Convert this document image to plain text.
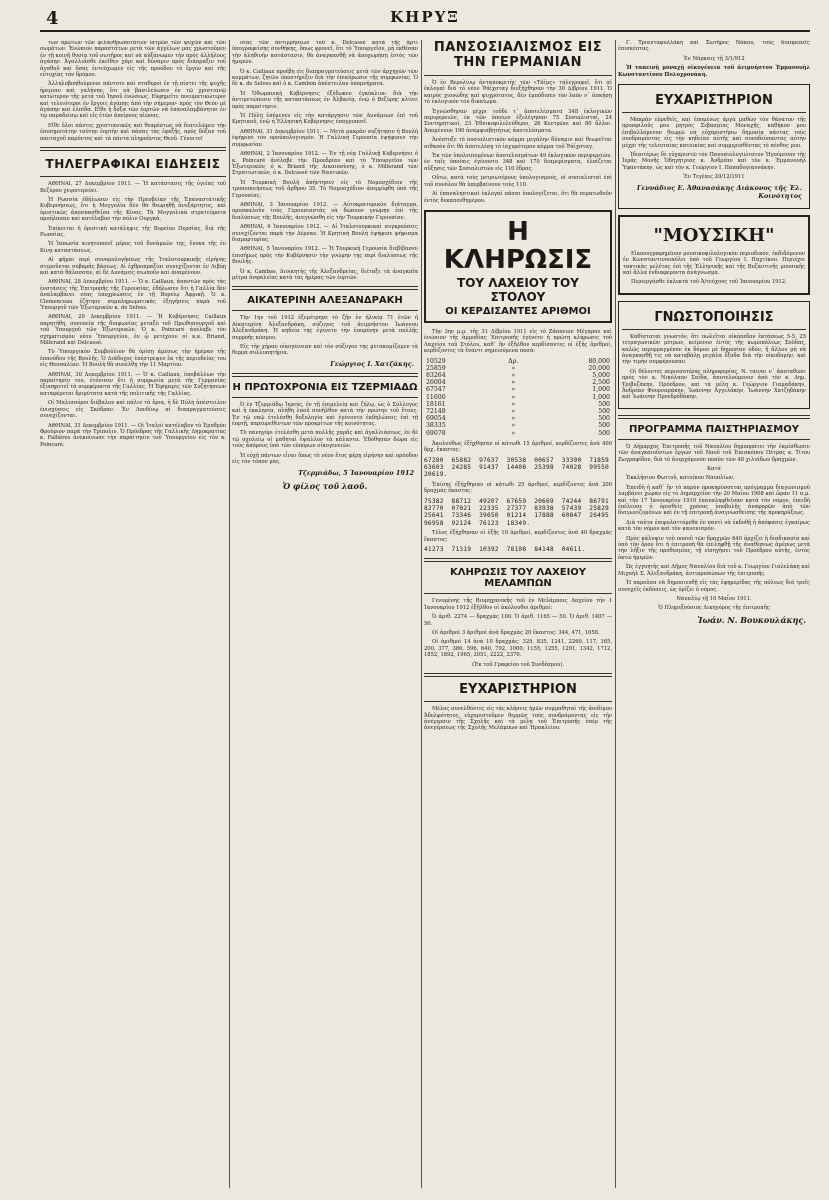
4	ΚΗΡΥΞ

των πρώτων τῶν φιλανθρωποτάτων ἰατρῶν τῶν ψυχῶν καὶ τῶν σωμάτων. Ἐνώπιον παραστάτων μετὰ τῶν ἀγγέλων μας χρωστοῦμεν ἐν τῇ κοινῇ θυσίᾳ τοῦ σωτῆρος καὶ νὰ αὐξάνωμεν τὴν πρὸς ἀλλήλους ἀγάπην. Ἀγαλλιάσθε ἐκεῖθεν χάρι καὶ δύναμιν πρὸς διάπραξιν τοῦ ἀγαθοῦ καὶ ὅσας ἐντεύχωμεν εἰς τῆς προόδου τὸ ἔργον καὶ τῆς εὐτυχίας τὸν δρόμον.

Ἀλληλοβοηθούμενοι πάντοτε καὶ σταθεροὶ ἐν τῇ πίστει τῆς ψυχῆς ἠρεμίαν καὶ γαλήνην, ὅτι νὰ βασιλεύωσιν ἐν τῷ χριστιανῷ κατώτερον τῆς μετὰ τοῦ Ἰησοῦ ἑνώσεως. Εὐφημεῖτε πνευματικώτεροι καὶ τελειότεροι ἐν ἔργοις ἀγάπης ἀπὸ τὴν σήμερον· πρὸς τὸν Θεὸν μὲ ἀγάπην καὶ ἐλπίδα. Εἴθε ἡ δόξα τῶν ἑορτῶν νὰ ἐπαναλαμβάνηται ἐν τῷ παραδείσῳ καὶ εἰς ἐτῶν ἀπείρους αἰῶνας.

Εἴθε ὅλοι πάντες χριστιανικῶς καὶ θεαρέστως νὰ διατελῶμεν τὴν ἐπισημοτάτην ταύτην ἑορτὴν καὶ πάσας τὰς ἐφεξῆς, πρὸς δόξαν τοῦ πανταχοῦ παρόντος καὶ τὰ πάντα πληροῦντος Θεοῦ. Γένοιτο!

ΤΗΛΕΓΡΑΦΙΚΑΙ ΕΙΔΗΣΕΙΣ

ΑΘΗΝΑΙ, 27 Δεκεμβρίου 1911. — Ἡ κατάστασις τῆς ὑγείας τοῦ Βεζύρου χειροτερεύει.

Ἡ Ρωσσία ἐδήλωσεν εἰς τὴν Πρεσβείαν τῆς Ἐπαναστατικῆς Κυβερνήσεως, ὅτι ἡ Μογγολία δὲν θὰ θεωρηθῇ ἀνεξάρτητος, καὶ ὁριστικῶς ἀποσπασθεῖσα τῆς Κίνας. Τὰ Μογγολικὰ στρατεύματα προήλασαν καὶ κατέλαβον τὴν πόλιν Ουργκά.

Ἐπίκειται ἡ ὁριστικὴ κατάληψις τῆς Βορείου Περσίας, διὰ τῆς Ρωσσίας.

Ἡ Ἰαπωνία κινητοποιεῖ μέρος τοῦ δυνάμεών της, ἕνεκα τῆς ἐν Κίνᾳ καταστάσεως.

Αἱ φήμαι περὶ συνομολογήσεως τῆς Ἰταλοτουρκικῆς εἰρήνης στεροῦνται σοβαρᾶς βάσεως. Αἱ ἐχθροπραξίαι συνεχίζονται ἐν Λιβύῃ καὶ κατὰ θάλασσαν, αἱ δὲ Δυνάμεις σιωποῦν καὶ ἀναμένουν.

ΑΘΗΝΑΙ, 28 Δεκεμβρίου 1911. — Ὁ κ. Caillaux, ἀπαντῶν πρὸς τὰς ἐνστάσεις τῆς Ἐπιτροπῆς τῆς Γερουσίας, ἐδήλωσεν ὅτι ἡ Γαλλία δὲν ἀναλαμβάνει νέας ὑποχρεώσεις ἐν τῇ Βορείῳ Ἀφρικῇ. Ὁ κ. Clemenceau ἐζήτησε συμπληρωματικὰς ἐξηγήσεις παρὰ τοῦ Ὑπουργοῦ τῶν Ἐξωτερικῶν κ. de Selves.

ΑΘΗΝΑΙ, 29 Δεκεμβρίου 1911. — Ἡ Κυβέρνησις Caillaux παρητήθη, συνεπείᾳ τῆς διαφωνίας μεταξὺ τοῦ Πρωθυπουργοῦ καὶ τοῦ Ὑπουργοῦ τῶν Ἐξωτερικῶν. Ὁ κ. Poincaré ἀνέλαβε τὸν σχηματισμὸν νέου Ὑπουργείου, ἐν ᾧ μετέχουν οἱ κ.κ. Briand, Millerand καὶ Delcassé.

Τὸ Ὑπουργικὸν Συμβούλιον θὰ ὁρίσῃ ἀμέσως τὴν ἡμέραν τῆς ἐπανόδου τῆς Βουλῆς. Ὁ Διάδοχος ἐπέστρεψεν ἐκ τῆς περιοδείας του εἰς Θεσσαλίαν. Ἡ Βουλὴ θὰ συνέλθῃ τὴν 11 Μαρτίου.

ΑΘΗΝΑΙ, 30 Δεκεμβρίου 1911. — Ὁ κ. Caillaux, ὑποβάλλων τὴν παραίτησίν του, ἐτόνισεν ὅτι ἡ συμφωνία μετὰ τῆς Γερμανίας ἐξυπηρετεῖ τὰ συμφέροντα τῆς Γαλλίας. Ἡ Ἐφημερὶς τῶν Συζητήσεων καταφέρεται δριμύτατα κατὰ τῆς πολιτικῆς τῆς Γαλλίας.

Οἱ Μαλισσόροι διέβαλον καὶ πάλιν τὰ ὅρια, ἡ δὲ Πύλη ἀπέστειλεν ἐνισχύσεις εἰς Σκόδραν. Ἐν Λονδίνῳ αἱ διαπραγματεύσεις συνεχίζονται.

ΑΘΗΝΑΙ, 31 Δεκεμβρίου 1911. — Οἱ Ἰταλοὶ κατέλαβον τὸ Ἐρυθρὸν Φρούριον παρὰ τὴν Τρίπολιν. Ὁ Πρόεδρος τῆς Γαλλικῆς Δημοκρατίας κ. Fallières ἀνεκοίνωσε τὴν παραίτησιν τοῦ Ὑπουργείου εἰς τὸν κ. Poincaré.

νέας τῶν ἀντιρρήσεων τοῦ κ. Delcassé κατὰ τῆς ἄρτι ὑπογραφείσης συνθήκης, ὅπως φρονεῖ, ὅτι τὸ Ὑπουργεῖον, μὴ ἐκθέσαν τὴν ἀληθινὴν κατάστασιν, θὰ ἀναγκασθῇ νὰ ἀποχωρήσῃ ἐντὸς τῶν ἡμερῶν.

Ὁ κ. Caillaux προέβη εἰς διαπραγματεύσεις μετὰ τῶν ἀρχηγῶν τῶν κομμάτων, ζητῶν ὑποστήριξιν διὰ τὴν ἐπικύρωσιν τῆς συμφωνίας. Ὁ δὲ κ. de Selves καὶ ὁ κ. Cambon ἀπέστειλαν ὑπομνήματα.

Ἡ Ὀθωμανικὴ Κυβέρνησις ἐξέδωκεν ἐγκύκλιον διὰ τὴν ἀντιμετώπισιν τῆς καταστάσεως ἐν Ἀλβανίᾳ, ἐνῷ ὁ Βεζύρης κλίνει πρὸς παραίτησιν.

Ἡ Πύλη ἐπέμενεν εἰς τὴν κατάργησιν τῶν Δυνάμεων ἐπὶ τοῦ Κρητικοῦ, ἐνῷ ἡ Ἑλληνικὴ Κυβέρνησις ἐπαγρυπνεῖ.

ΑΘΗΝΑΙ, 31 Δεκεμβρίου 1911. — Μετὰ μακρὰν συζήτησιν ἡ Βουλὴ ἐψήφισε τὸν προϋπολογισμόν. Ἡ Γαλλικὴ Γερουσία ἐψήφισεν τὴν συμφωνίαν.

ΑΘΗΝΑΙ, 2 Ἰανουαρίου 1912. — Ἐν τῇ νέᾳ Γαλλικῇ Κυβερνήσει ὁ κ. Poincaré ἀνέλαβε τὴν Προεδρίαν καὶ τὸ Ὑπουργεῖον τῶν Ἐξωτερικῶν, ὁ κ. Briand τῆς Δικαιοσύνης, ὁ κ. Millerand τῶν Στρατιωτικῶν, ὁ κ. Delcassé τῶν Ναυτικῶν.

Ἡ Τουρκικὴ Βουλὴ ἀπήντησεν εἰς τὸ Νομοσχέδιον τῆς τροποποιήσεως τοῦ ἄρθρου 35. Τὸ Νομοσχέδιον ἀπερρίφθη ὑπὸ τῆς Γερουσίας.

ΑΘΗΝΑΙ, 3 Ἰανουαρίου 1912. — Αὐτοκρατορικὸν διάταγμα, προσκαλοῦν τοὺς Γερουσιαστὰς νὰ δώσουν γνώμην ἐπὶ τῆς διαλύσεως τῆς Βουλῆς, ἀνεγνώσθη εἰς τὴν Τουρκικὴν Γερουσίαν.

ΑΘΗΝΑΙ, 4 Ἰανουαρίου 1912. — Αἱ Ἰταλοτουρκικαὶ συγκρούσεις συνεχίζονται παρὰ τὴν Δέρναν. Ἡ Κρητικὴ Βουλὴ ἐψήφισε ψήφισμα διαμαρτυρίας.

ΑΘΗΝΑΙ, 5 Ἰανουαρίου 1912. — Ἡ Τουρκικὴ Γερουσία διεβίβασεν ἐπισήμως πρὸς τὴν Κυβέρνησιν τὴν γνώμην της περὶ διαλύσεως τῆς Βουλῆς.

Ὁ κ. Cambas, Διοικητὴς τῆς Ἀλεξανδρείας, διέταξε τὰ ἀναγκαῖα μέτρα ἀσφαλείας κατὰ τὰς ἡμέρας τῶν ἑορτῶν.

ΑΙΚΑΤΕΡΙΝΗ ΑΛΕΞΑΝΔΡΑΚΗ

Τὴν 1ην τοῦ 1912 ἐξεμέτρησε τὸ ζῆν ἐν ἡλικίᾳ 71 ἐτῶν ἡ Αἰκατερίνη Ἀλεξανδράκη, σύζυγος τοῦ ἀειμνήστου Ἰωάννου Ἀλεξανδράκη. Ἡ κηδεία της ἐγένετο τὴν ἐπομένην μετὰ πολλῆς συρροῆς κόσμου.

Εἰς τὴν χήραν οἰκογένειαν καὶ τὸν σύζυγον της μετακομίζομεν τὰ θερμὰ συλλυπητήρια.

Γεώργιος Ι. Χατζάκης.
Η ΠΡΩΤΟΧΡΟΝΙΑ ΕΙΣ ΤΖΕΡΜΙΑΔΩ

Ὁ ἐν Τζερμιάδῳ Ἰερεὺς, ἐν τῇ ἐπιμελείᾳ καὶ ζήλῳ, ὡς ὁ Σύλλογος καὶ ἡ ἐκκλησία, πλήθη λαοῦ συνῆλθον κατὰ τὴν πρώτην τοῦ ἔτους. Ἐν τῷ ναῷ ἐτελέσθη δοξολογία καὶ ἐγένοντο ἐκδηλώσεις ἐπὶ τῇ ἑορτῇ, παρευρεθέντων τῶν προκρίτων τῆς κοινότητος.

Τὸ πανηγύρι ἐτελέσθη μετὰ πολλῆς χαρᾶς καὶ ἀγαλλιάσεως, ἐν δὲ τῷ σχολείῳ οἱ μαθηταὶ ἔψαλλον τὰ κάλαντα. Ἐδόθησαν δῶρα εἰς τοὺς ἀπόρους ὑπὸ τῶν εὐπόρων οἰκογενειῶν.

Ἡ εὐχὴ πάντων εἶναι ὅπως τὸ νέον ἔτος φέρῃ εἰρήνην καὶ πρόοδον εἰς τὸν τόπον μας.

Τζερμιάδω, 5 Ἰανουαρίου 1912
Ὁ φίλος τοῦ λαοῦ.
ΠΑΝΣΟΣΙΑΛΙΣΜΟΣ ΕΙΣ ΤΗΝ ΓΕΡΜΑΝΙΑΝ

Ὁ ἐν Βερολίνῳ ἀνταποκριτὴς τῶν «Τάϊμς» τηλεγραφεῖ, ὅτι αἱ ἐκλογαὶ διὰ τὸ νέον Ῥάϊχσταγ διεξήχθησαν τὴν 30 Δ/βρίου 1911. Ὁ καιρὸς χιονώδης καὶ ψυχρότατος, δὲν ἐμπόδισεν τὸν λαὸν ν᾽ ἀσκήσῃ τὸ ἐκλογικόν του δικαίωμα.

Ἐγνώσθησαν μέχρι τοῦδε τ᾽ ἀποτελέσματα 348 ἐκλογικῶν περιφερειῶν, ἐκ τῶν ὁποίων ἐξελέγησαν 75 Σοσιαλισταί, 24 Συντηρητικοί, 23 Ἐθνικοφιλελεύθεροι, 26 Κεντρῶοι καὶ 80 ἄλλοι. Ἀπομένουν 190 ἀναμφισβητήτως ἀποτελέσματα.

Ἀνέπτυξε τὸ σοσιαλιστικὸν κόμμα μεγάλην δύναμιν καὶ θεωρεῖται πιθανὸν ὅτι θὰ ἀποτελέσῃ τὸ ἰσχυρότερον κόμμα τοῦ Ῥάϊχσταγ.

Ἐκ τῶν ὑπολειπομένων ἀποτελεσμάτων 49 ἐκλογικῶν περιφερειῶν, ἐν ταῖς ὁποίαις ἐγένοντο 348 καὶ 170 διαμερίσματα, ἐλπίζεται αὔξησις τῶν Σοσιαλιστῶν εἰς 110 ἕδρας.

Οὕτω, κατὰ τοὺς μετριωτέρους ὑπολογισμούς, οἱ σοσιαλισταὶ ἐπὶ τοῦ συνόλου θὰ ὑπερβαίνουν τοὺς 110.

Αἱ ἐπαναληπτικαὶ ἐκλογαὶ πᾶσαι ὑπολογίζεται, ὅτι θὰ περατωθοῦν ἐντὸς δεκαπενθημέρου.

Η ΚΛΗΡΩΣΙΣ
ΤΟΥ ΛΑΧΕΙΟΥ ΤΟΥ ΣΤΟΛΟΥ
ΟΙ ΚΕΡΔΙΣΑΝΤΕΣ ΑΡΙΘΜΟΙ

Τὴν 3ην μ.μ. τῆς 31 Δ/βρίου 1911 εἰς τὸ Ζάππειον Μέγαρον καὶ ἐνώπιον τῆς ἁρμοδίας Ἐπιτροπῆς ἐγένετο ἡ πρώτη κλήρωσις τοῦ Λαχείου τοῦ Στόλου, καθ᾽ ἣν ἐξῆλθον κερδίσαντες οἱ ἑξῆς ἀριθμοί, κερδίζοντες τὰ ἔναντι σημειούμενα ποσά:

10529	Δρ.	80,000
25859	»	20,000
83264	»	5,000
26004	»	2,500
67547	»	1,000
11600	»	1,000
18161	»	500
72148	»	500
69054	»	500
38335	»	500
69078	»	500

Ἀκολούθως ἐξήχθησαν οἱ κάτωθι 15 ἀριθμοί, κερδίζοντες ἀνὰ 400 δρχ. ἕκαστος:

67280 65882 97637 30538 00657 33390 71859 63603 24285 91437 14408 25398 74028 99550 20619.

Ἐπίσης ἐξήχθησαν οἱ κάτωθι 25 ἀριθμοί, κερδίζοντες ἀνὰ 200 δραχμὰς ἕκαστος:

75382 88712 49207 67659 20669 74244 86791 82770 07021 22335 27377 83938 57439 25829 25641 73346 39650 01214 17888 60847 26495 96958 92124 76123 18349.

Τέλος ἐξήχθησαν οἱ ἑξῆς 10 ἀριθμοί, κερδίζοντες ἀνὰ 40 δραχμὰς ἕκαστος:

41273 71319 10392 78108 84148 04611.

ΚΛΗΡΩΣΙΣ ΤΟΥ ΛΑΧΕΙΟΥ ΜΕΛΑΜΠΩΝ

Γενομένης τῆς Βιομηχανικῆς τοῦ ἐν Μελάμποις Λαχείου τὴν 1 Ἰανουαρίου 1912 ἐξῆλθον οἱ ἀκόλουθοι ἀριθμοί:

Ὁ ἀριθ. 2274 — δραχμὰς 100. Ὁ ἀριθ. 1165 — 50. Ὁ ἀριθ. 1407 — 50.

Οἱ ἀριθμοὶ 3 ἀριθμοὶ ἀνὰ δραχμὰς 20 ἕκαστος: 344, 471, 1058.

Οἱ ἀριθμοὶ 14 ἀνὰ 10 δραχμάς: 329, 835, 1241, 2260, 117, 165, 200, 377, 386, 596, 640, 792, 1000, 1155, 1255, 1291, 1342, 1712, 1852, 1892, 1965, 2051, 2222, 2370.

(Ἐκ τοῦ Γραφείου τοῦ Συνδέσμου).

ΕΥΧΑΡΙΣΤΗΡΙΟΝ

Μέλος συνελθόντες εἰς τὰς κλήσεις ἡμῶν συμμαθηταὶ τῆς ἀοιδίμου Ἀδελφότητος, εὐχαριστοῦμεν θερμῶς τοὺς συνδράμοντας εἰς τὴν ἀνέγερσιν τῆς Σχολῆς καὶ τὰ μέλη τοῦ Ἐπιτροπῆς ὑπὲρ τῆς ἀνεγέρσεως τῆς Σχολῆς Μελάμπων καὶ Ἠρακλείου.

Γ. Τριανταφυλλάκη καὶ Σωτῆρος Νάκου, τοὺς διαπρεπεῖς ἐπισκέπτας.

Ἐν Νάρκαις τῇ 3/1/912

Ἡ ταπεινὴ μοναχὴ οἰκογένεια τοῦ ἀειμνήστου Ἐμμανουὴλ Κωνσταντίνου Πολυχρονάκη.

ΕΥΧΑΡΙΣΤΗΡΙΟΝ

Μακρὰν εὑρεθεῖς, καὶ ἐπομένως ἀργὰ μαθὼν τὸν θάνατον τῆς προσφιλοῦς μου μητρὸς Σεβασμίας Μοναχῆς, καθήκον μου ἐπιβαλλόμενον θεωρῶ νὰ εὐχαριστήσω δημοσίᾳ πάντας τοὺς συνδραμόντας εἰς τὴν κηδείαν αὐτῆς καὶ συνοδεύσαντας αὐτὴν μέχρι τῆς τελευταίας κατοικίας καὶ συμμερισθέντας τὸ πένθος μου.

Ἰδιαιτέρως δὲ εὐχαριστῶ τὸν Πανοσιολογιώτατον Ἡγούμενον τῆς Ἱερᾶς Μονῆς Ὁδηγήτριας κ. Ἀνδρέαν καὶ τὸν κ. Ἐμμανουὴλ Ὑφαντάκην, ὡς καὶ τὸν κ. Γεώργιον Ι. Παπαδογιαννάκην.

Ἐν Τεγέαις 20/12/1911

Γεννάδιος Ε. Ἀθανασάκης Διάκονος τῆς Ἐλ. Κοινότητος
"ΜΟΥΣΙΚΗ"

Εἰκονογραφημένον μουσικοφιλολογικὸν περιοδικόν, ἐκδιδόμενον ἐν Κωνσταντινουπόλει ὑπὸ τοῦ Γεωργίου Ι. Παχτίκου. Περιέχει τακτικὰς μελέτας ἐπὶ τῆς Ἑλληνικῆς καὶ τῆς Βυζαντινῆς μουσικῆς καὶ ἄλλα ἐνδιαφέροντα ἀνάγνωσμα.

Περιεργάσθε ἐκλεκτὰ τοῦ Ἀ/τεύχους τοῦ Ἰανουαρίου 1912.

ΓΝΩΣΤΟΠΟΙΗΣΙΣ

Καθίσταται γνωστόν, ὅτι πωλεῖται οἰκόπεδον ἐκτάσεως 5-5, 25 τετραγωνικῶν μέτρων, κείμενον ἐντὸς τῆς κωμοπόλεως Σοῦδας, καλῶς περιφραγμένον ἐκ δόμου μὲ δημοσίαν ὁδόν, ἢ ἄλλου μὴ νὰ ἀναγκασθῇ τὶς νὰ καταβάλῃ μεγάλα ἔξοδα διὰ τὴν οἰκοδομήν, καὶ τὴν τιμὴν συμφέρουσαν.

Οἱ θέλοντες περισσοτέρας πληροφορίας, Ν. ταιναι ν᾽ ἀποταθῶσι πρὸς τὸν κ. Νικόλαον Σαΐδα, ἀποτελούμενον ἀπὸ τὸν κ. Δημ. Τριβυζάκην, Πρόεδρον, καὶ τὰ μέλη κ. Γεώργιον Γιαμαδάκην, Ἀνδρέαν Φουρναράκην, Ἰωάννην Ἀγγελάκην, Ἰωάννην Χατζηδάκην καὶ Ἰωάννην Προεδρόδάκην.

ΠΡΟΓΡΑΜΜΑ ΠΑΙΣΤΗΡΙΑΣΜΟΥ

Ὁ Δήμαρχος Ἐπιτροπῆς τοῦ Ναυπλίου δημοπράτει τὴν ἐκμίσθωσιν τῶν ἀναγκαιοῦντων ἔργων τοῦ Ναοῦ τοῦ Ἐπισκόπου Πέτρας κ. Τίτου Ζωγραφίδου, διὰ τὸ ἀνερχόμενον ποσὸν τῶν 48 χιλιάδων δραχμῶν.

Κατὰ

Ἐκκλήσιον Φωτιοῦ, κατοίκου Ναυπλίων.

Ἐπειδὴ ἡ καθ᾽ ἣν τὸ παρὸν προκηρύσσεται πρόγραμμα διαγωνισμοῦ λαμβάνει χώραν εἰς τὸ Δημαρχεῖον τὴν 20 Μαΐου 1908 καὶ ὥραν 11 π.μ. καὶ τὴν 17 Ἰανουαρίου 1910 ἐπαναληφθεῖσαν κατὰ τὸν νόμον, ἐπειδὴ ἐπέλευσε ὁ ὁρισθεὶς χρόνος ὑποβολῆς ἀναφορῶν ἀπὸ τῶν διαγωνιζομένων καὶ ἐν τῇ ἐπιτροπῇ ἀναγνωσθείσης τῆς προκηρύξεως.

Διὰ ταῦτα ἐπιφυλαττόμεθα ἐν παντὶ νὰ ἐκδοθῇ ἡ ἀπόφασις ἐγκαίρως κατὰ τὸν νόμον καὶ τὸν κανονισμόν.

Πρὸς κάλυψιν τοῦ ποσοῦ τῶν δραχμῶν 640 ἀρχίζει ἡ διαδικασία καὶ ὑπὸ τὸν ὅρον ὅτι ἡ ἐπιτροπὴ θὰ ἐπιληφθῇ τῆς ἀναθέσεως ἀμέσως μετὰ τὴν λῆξιν τῆς προθεσμίας, τῇ εἰσηγήσει τοῦ Προέδρου αὐτῆς, ἐντὸς ὀκτὼ ἡμερῶν.

Ὡς ἐγγυητὴς καὶ Δῆμος Ναυπλίου διὰ τοῦ κ. Γεωργίου Γιαλελάκη καὶ Μιχαὴλ Σ. Ἀλεξανδράκη, ἀντιπροσώπων τῆς ἐπιτροπῆς.

Ἡ παροῦσα νὰ δημοσιευθῇ εἰς τὰς ἐφημερίδας τῆς πόλεως διὰ τρεῖς συνεχεῖς ἐκδόσεις, ὡς ὁρίζει ὁ νόμος.

Ναυπλίῳ τῇ 10 Μαΐου 1911.

Ὁ Πληρεξούσιος Δικηγόρος τῆς ἐπιτροπῆς

Ἰωάν. Ν. Βουκουλάκης.
